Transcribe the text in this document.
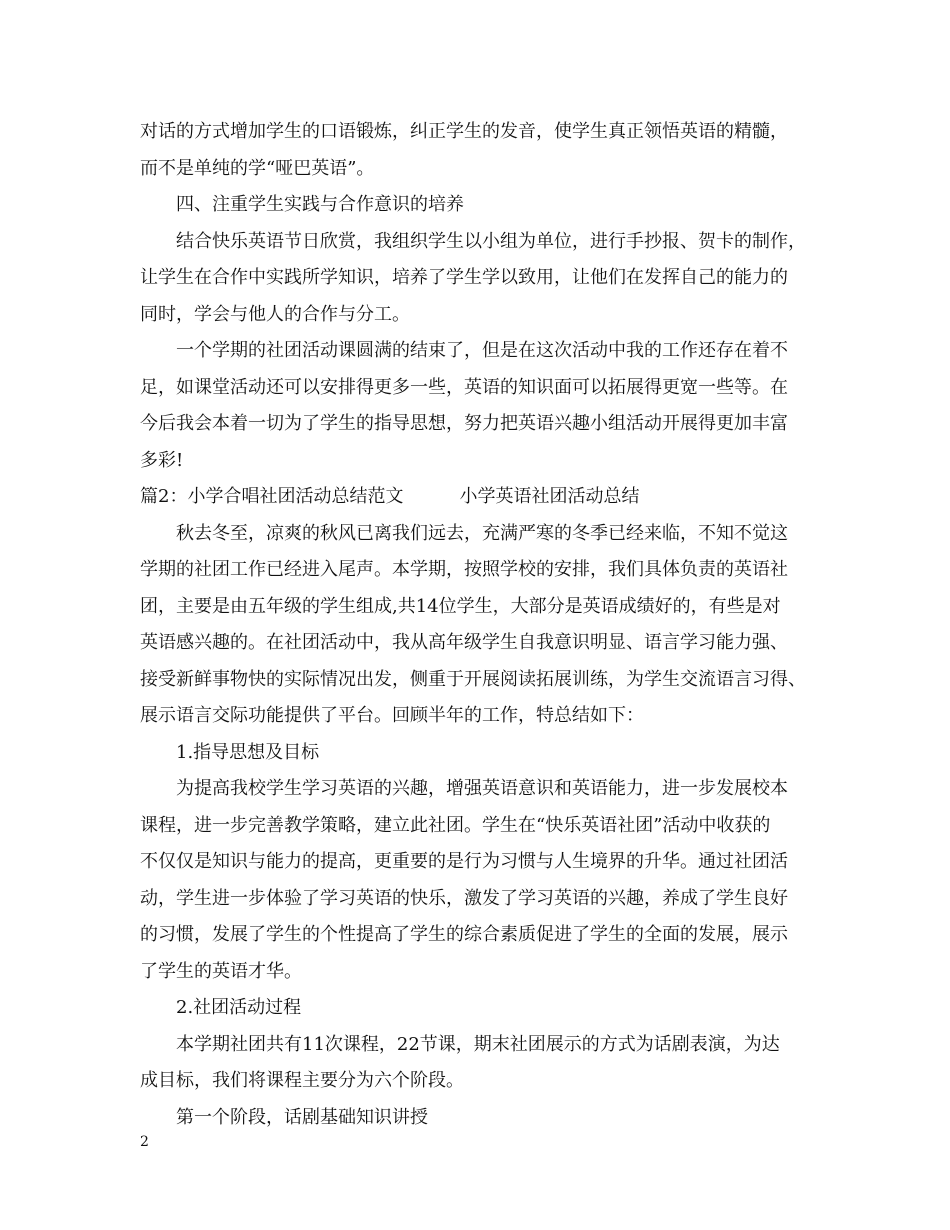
对话的方式增加学生的口语锻炼，纠正学生的发音，使学生真正领悟英语的精髓，
而不是单纯的学“哑巴英语”。
四、注重学生实践与合作意识的培养
结合快乐英语节日欣赏，我组织学生以小组为单位，进行手抄报、贺卡的制作，
让学生在合作中实践所学知识，培养了学生学以致用，让他们在发挥自己的能力的
同时，学会与他人的合作与分工。
一个学期的社团活动课圆满的结束了，但是在这次活动中我的工作还存在着不
足，如课堂活动还可以安排得更多一些，英语的知识面可以拓展得更宽一些等。在
今后我会本着一切为了学生的指导思想，努力把英语兴趣小组活动开展得更加丰富
多彩!
篇2：小学合唱社团活动总结范文	小学英语社团活动总结
秋去冬至，凉爽的秋风已离我们远去，充满严寒的冬季已经来临，不知不觉这
学期的社团工作已经进入尾声。本学期，按照学校的安排，我们具体负责的英语社
团，主要是由五年级的学生组成,共14位学生，大部分是英语成绩好的，有些是对
英语感兴趣的。在社团活动中，我从高年级学生自我意识明显、语言学习能力强、
接受新鲜事物快的实际情况出发，侧重于开展阅读拓展训练，为学生交流语言习得、
展示语言交际功能提供了平台。回顾半年的工作，特总结如下：
1.指导思想及目标
为提高我校学生学习英语的兴趣，增强英语意识和英语能力，进一步发展校本
课程，进一步完善教学策略，建立此社团。学生在“快乐英语社团”活动中收获的
不仅仅是知识与能力的提高，更重要的是行为习惯与人生境界的升华。通过社团活
动，学生进一步体验了学习英语的快乐，激发了学习英语的兴趣，养成了学生良好
的习惯，发展了学生的个性提高了学生的综合素质促进了学生的全面的发展，展示
了学生的英语才华。
2.社团活动过程
本学期社团共有11次课程，22节课，期末社团展示的方式为话剧表演，为达
成目标，我们将课程主要分为六个阶段。
第一个阶段，话剧基础知识讲授
2
